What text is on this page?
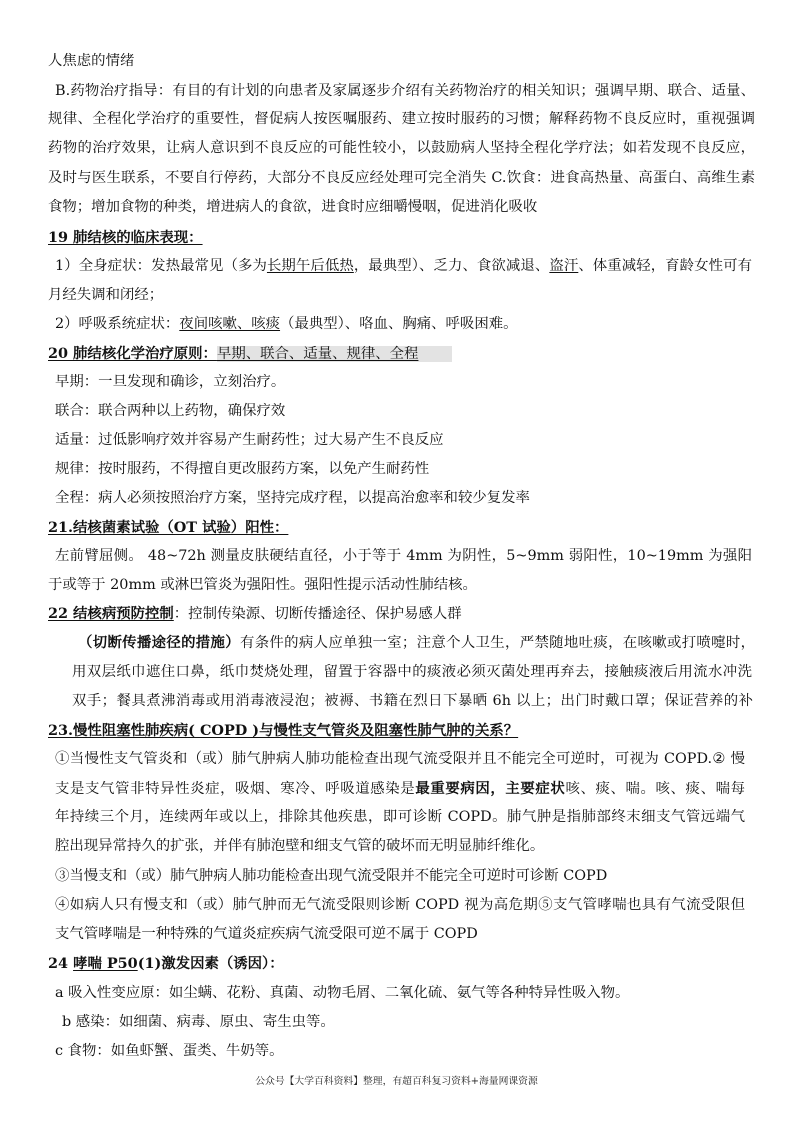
人焦虑的情绪
B.药物治疗指导：有目的有计划的向患者及家属逐步介绍有关药物治疗的相关知识；强调早期、联合、适量、
规律、全程化学治疗的重要性，督促病人按医嘱服药、建立按时服药的习惯；解释药物不良反应时，重视强调
药物的治疗效果，让病人意识到不良反应的可能性较小，以鼓励病人坚持全程化学疗法；如若发现不良反应，
及时与医生联系，不要自行停药，大部分不良反应经处理可完全消失 C.饮食：进食高热量、高蛋白、高维生素
食物；增加食物的种类，增进病人的食欲，进食时应细嚼慢咽，促进消化吸收
19 肺结核的临床表现：
1）全身症状：发热最常见（多为长期午后低热，最典型）、乏力、食欲减退、盗汗、体重减轻，育龄女性可有
月经失调和闭经；
2）呼吸系统症状：夜间咳嗽、咳痰（最典型）、咯血、胸痛、呼吸困难。
20 肺结核化学治疗原则：早期、联合、适量、规律、全程
早期：一旦发现和确诊，立刻治疗。
联合：联合两种以上药物，确保疗效
适量：过低影响疗效并容易产生耐药性；过大易产生不良反应
规律：按时服药，不得擅自更改服药方案，以免产生耐药性
全程：病人必须按照治疗方案，坚持完成疗程，以提高治愈率和较少复发率
21.结核菌素试验（OT 试验）阳性：
左前臂屈侧。 48~72h 测量皮肤硬结直径，小于等于 4mm 为阴性，5~9mm 弱阳性，10~19mm 为强阳
于或等于 20mm 或淋巴管炎为强阳性。强阳性提示活动性肺结核。
22 结核病预防控制：控制传染源、切断传播途径、保护易感人群
（切断传播途径的措施）有条件的病人应单独一室；注意个人卫生，严禁随地吐痰，在咳嗽或打喷嚏时，
用双层纸巾遮住口鼻，纸巾焚烧处理，留置于容器中的痰液必须灭菌处理再弃去，接触痰液后用流水冲洗
双手；餐具煮沸消毒或用消毒液浸泡；被褥、书籍在烈日下暴晒 6h 以上；出门时戴口罩；保证营养的补
23.慢性阻塞性肺疾病( COPD )与慢性支气管炎及阻塞性肺气肿的关系？
①当慢性支气管炎和（或）肺气肿病人肺功能检查出现气流受限并且不能完全可逆时，可视为 COPD.② 慢
支是支气管非特异性炎症，吸烟、寒冷、呼吸道感染是最重要病因，主要症状咳、痰、喘。咳、痰、喘每
年持续三个月，连续两年或以上，排除其他疾患，即可诊断 COPD。肺气肿是指肺部终末细支气管远端气
腔出现异常持久的扩张，并伴有肺泡壁和细支气管的破坏而无明显肺纤维化。
③当慢支和（或）肺气肿病人肺功能检查出现气流受限并不能完全可逆时可诊断 COPD
④如病人只有慢支和（或）肺气肿而无气流受限则诊断 COPD 视为高危期⑤支气管哮喘也具有气流受限但
支气管哮喘是一种特殊的气道炎症疾病气流受限可逆不属于 COPD
24 哮喘 P50(1)激发因素（诱因）：
a 吸入性变应原：如尘螨、花粉、真菌、动物毛屑、二氧化硫、氨气等各种特异性吸入物。
b 感染：如细菌、病毒、原虫、寄生虫等。
c 食物：如鱼虾蟹、蛋类、牛奶等。
公众号【大学百科资料】整理，有超百科复习资料+海量网课资源
